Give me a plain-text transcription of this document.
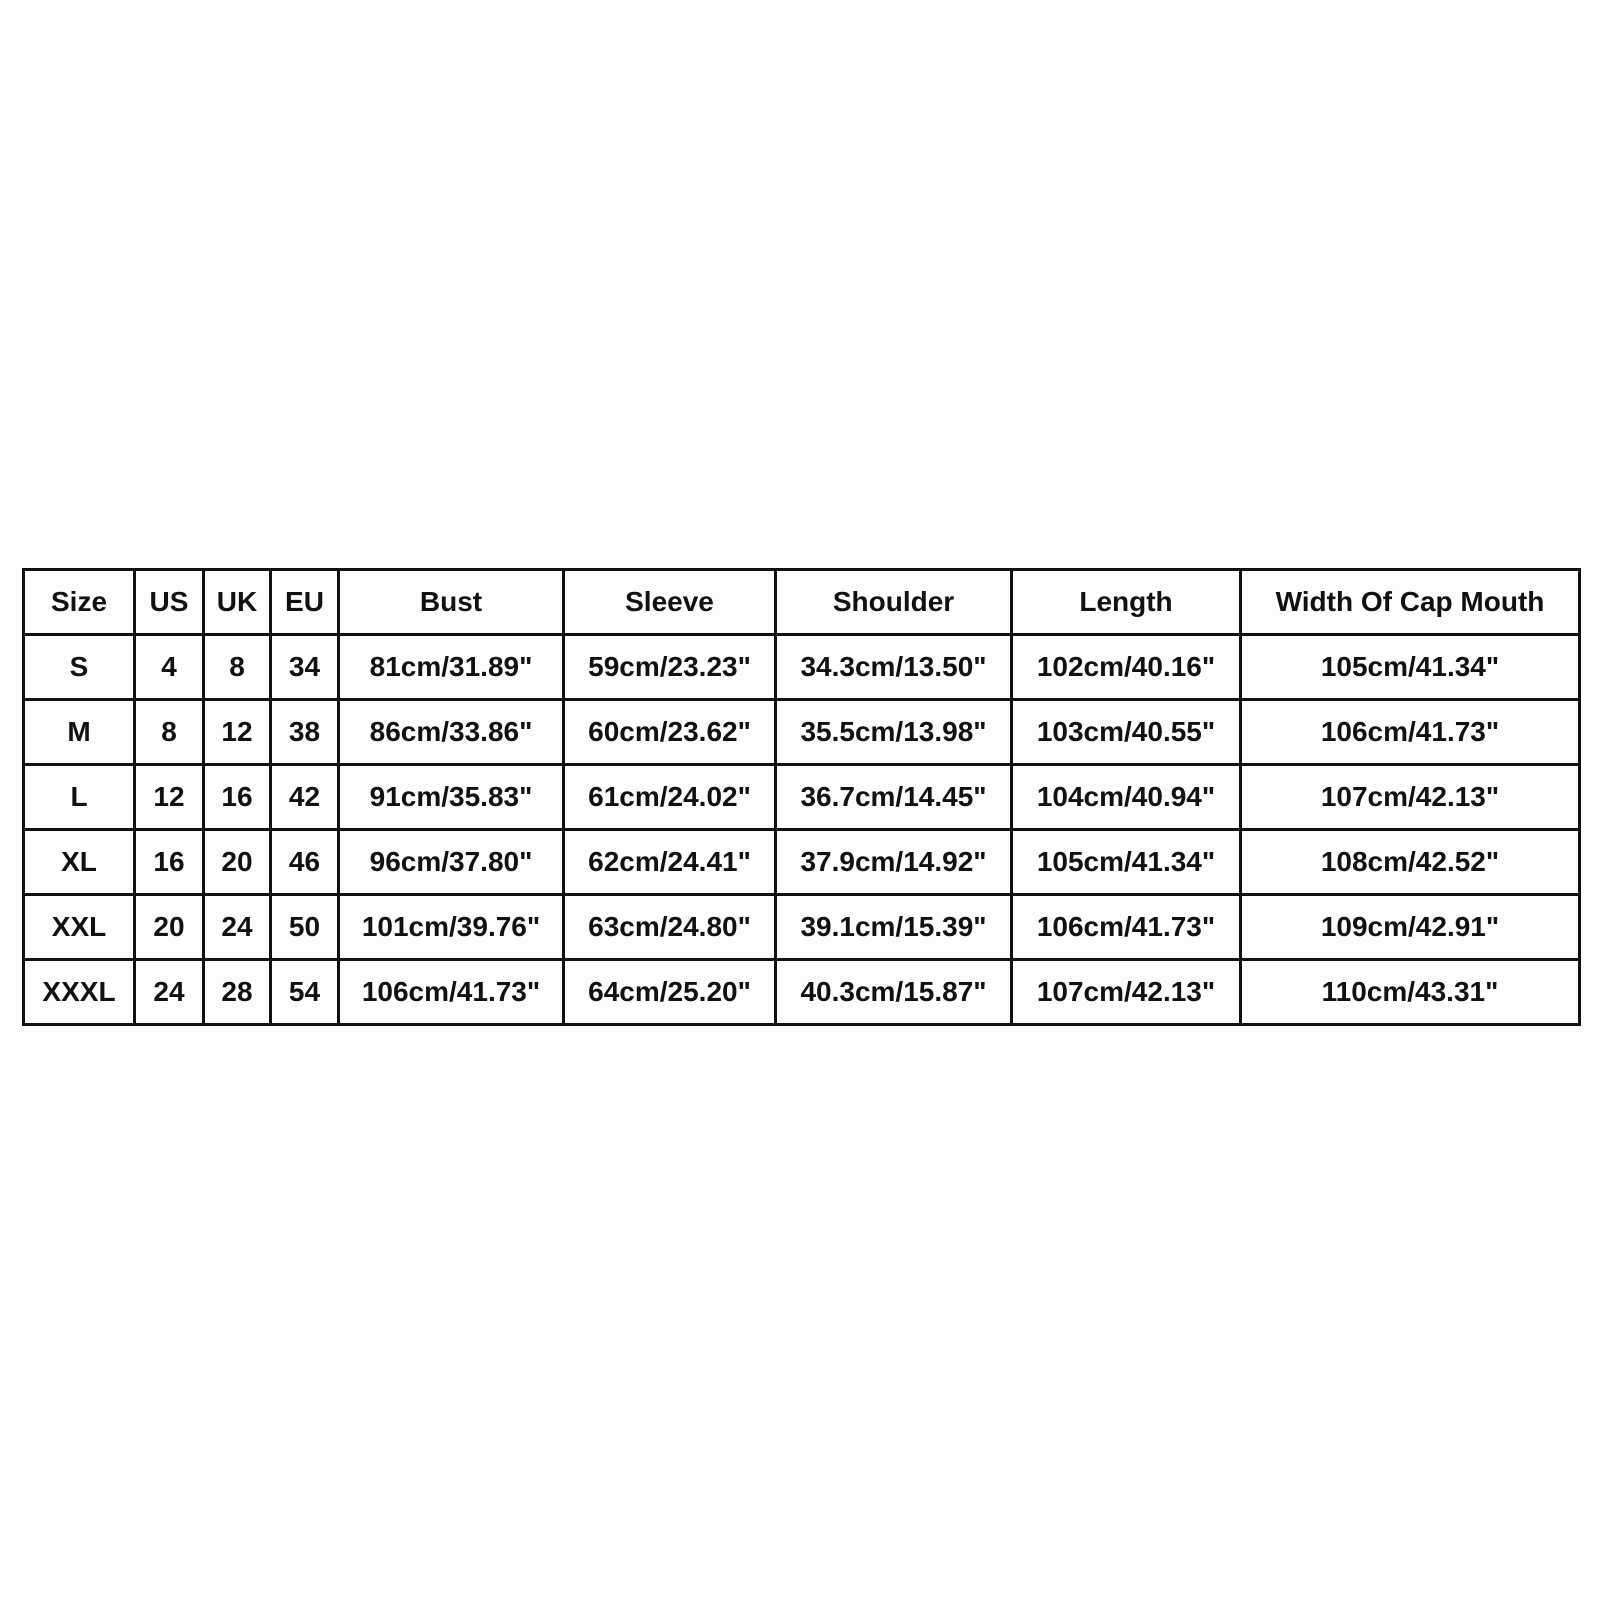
Size	US	UK	EU	Bust	Sleeve	Shoulder	Length	Width Of Cap Mouth
S	4	8	34	81cm/31.89"	59cm/23.23"	34.3cm/13.50"	102cm/40.16"	105cm/41.34"
M	8	12	38	86cm/33.86"	60cm/23.62"	35.5cm/13.98"	103cm/40.55"	106cm/41.73"
L	12	16	42	91cm/35.83"	61cm/24.02"	36.7cm/14.45"	104cm/40.94"	107cm/42.13"
XL	16	20	46	96cm/37.80"	62cm/24.41"	37.9cm/14.92"	105cm/41.34"	108cm/42.52"
XXL	20	24	50	101cm/39.76"	63cm/24.80"	39.1cm/15.39"	106cm/41.73"	109cm/42.91"
XXXL	24	28	54	106cm/41.73"	64cm/25.20"	40.3cm/15.87"	107cm/42.13"	110cm/43.31"
